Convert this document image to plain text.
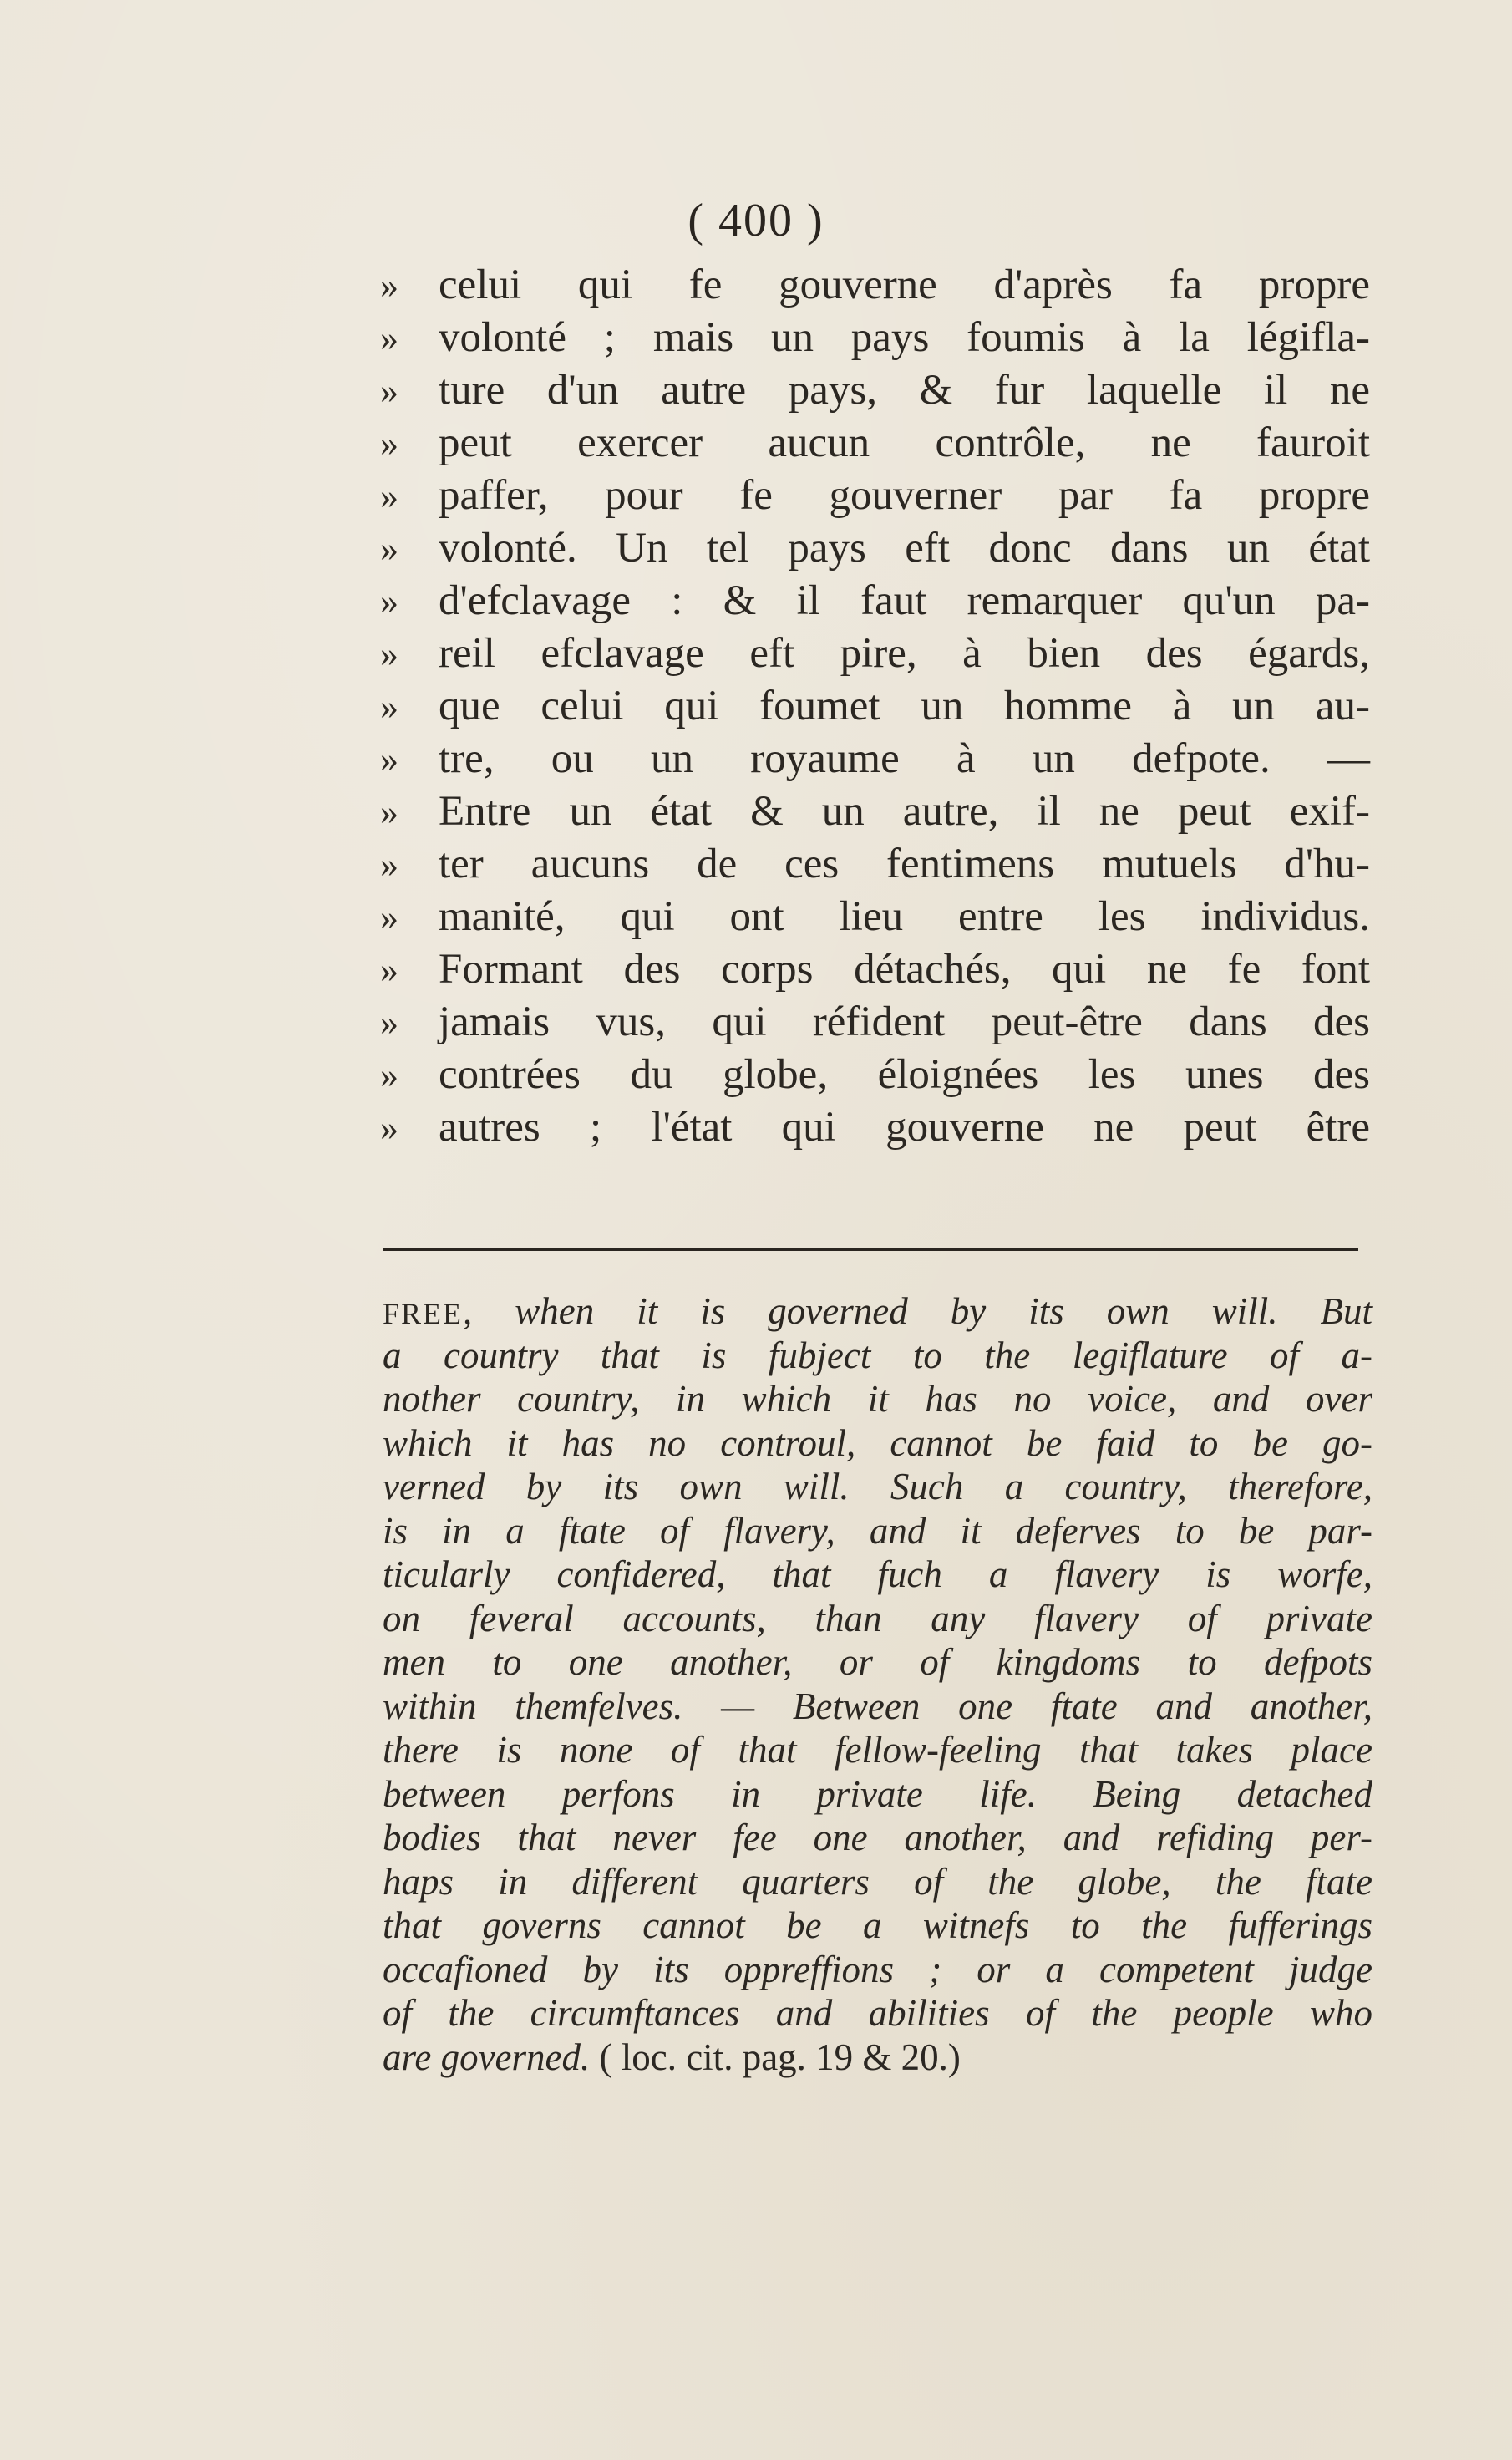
( 400 )
» celui qui fe gouverne d'après fa propre
» volonté ; mais un pays foumis à la légifla-
» ture d'un autre pays, & fur laquelle il ne
» peut exercer aucun contrôle, ne fauroit
» paffer, pour fe gouverner par fa propre
» volonté. Un tel pays eft donc dans un état
» d'efclavage : & il faut remarquer qu'un pa-
» reil efclavage eft pire, à bien des égards,
» que celui qui foumet un homme à un au-
» tre, ou un royaume à un defpote. —
» Entre un état & un autre, il ne peut exif-
» ter aucuns de ces fentimens mutuels d'hu-
» manité, qui ont lieu entre les individus.
» Formant des corps détachés, qui ne fe font
» jamais vus, qui réfident peut-être dans des
» contrées du globe, éloignées les unes des
» autres ; l'état qui gouverne ne peut être
FREE, when it is governed by its own will. But
a country that is fubject to the legiflature of a-
nother country, in which it has no voice, and over
which it has no controul, cannot be faid to be go-
verned by its own will. Such a country, therefore,
is in a ftate of flavery, and it deferves to be par-
ticularly confidered, that fuch a flavery is worfe,
on feveral accounts, than any flavery of private
men to one another, or of kingdoms to defpots
within themfelves. — Between one ftate and another,
there is none of that fellow-feeling that takes place
between perfons in private life. Being detached
bodies that never fee one another, and refiding per-
haps in different quarters of the globe, the ftate
that governs cannot be a witnefs to the fufferings
occafioned by its oppreffions ; or a competent judge
of the circumftances and abilities of the people who
are governed. ( loc. cit. pag. 19 & 20.)
